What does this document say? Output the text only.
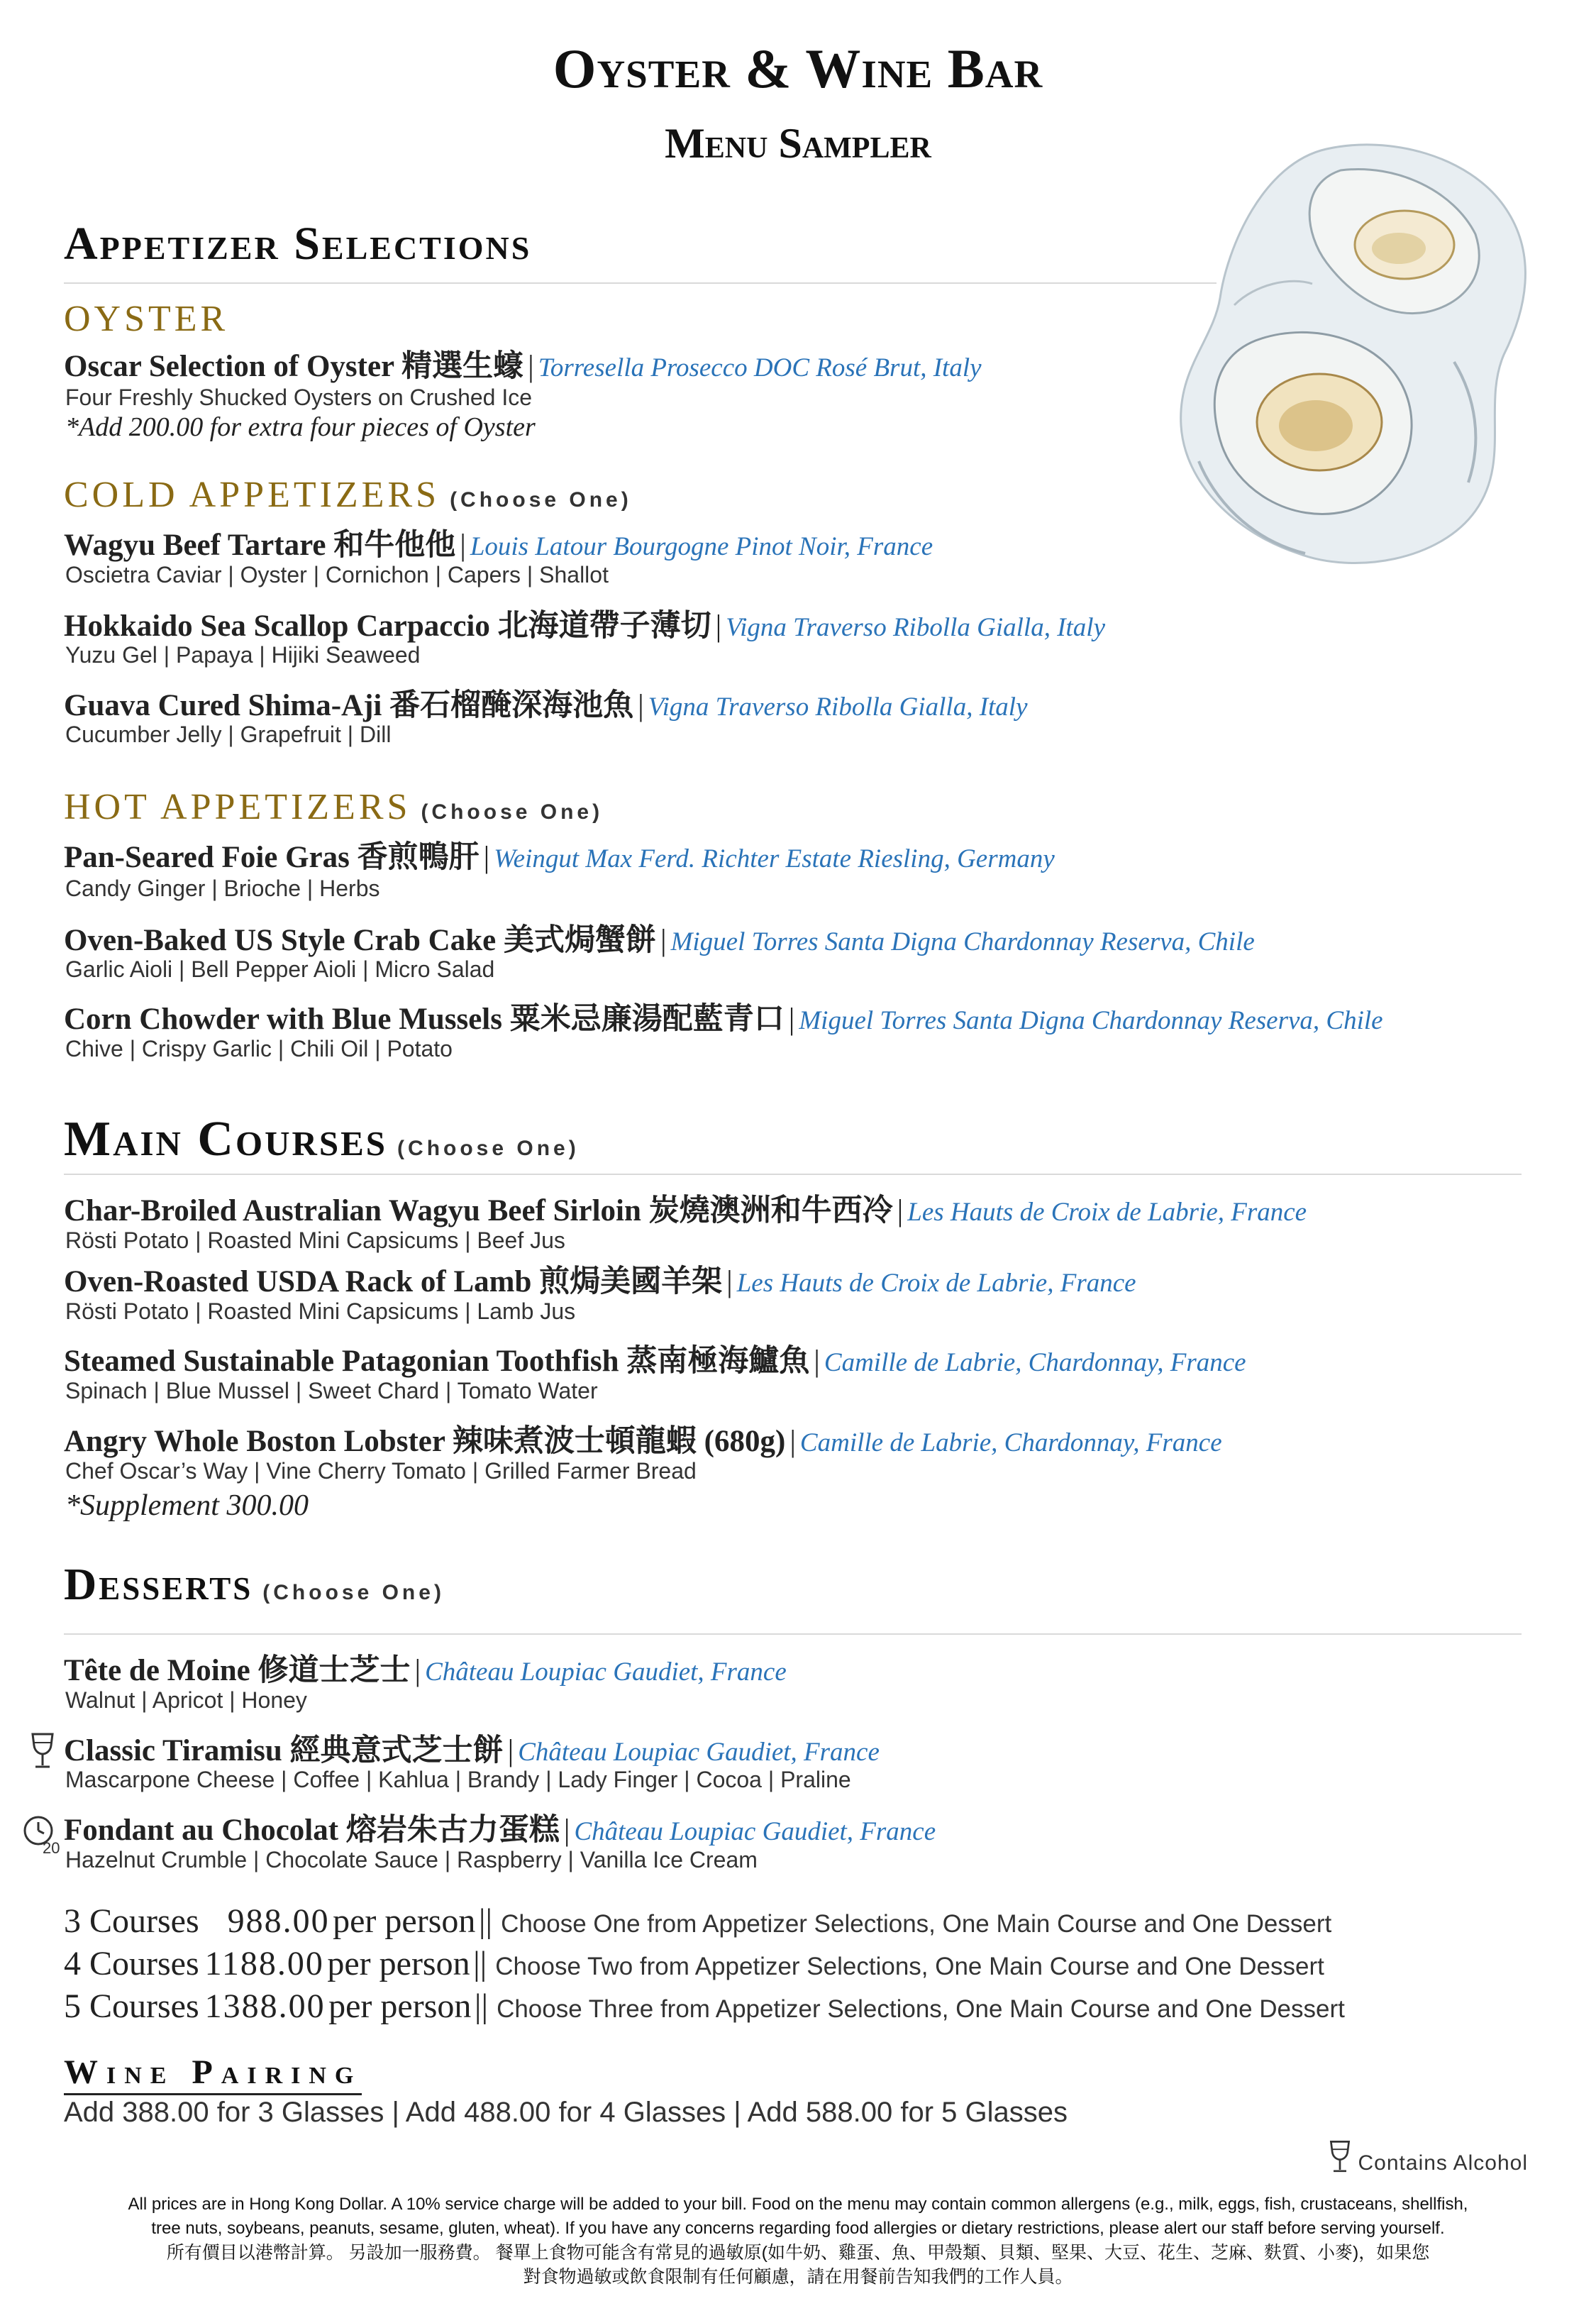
Oyster & Wine Bar
Menu Sampler
Appetizer Selections
OYSTER
Oscar Selection of Oyster 精選生蠔 | Torresella Prosecco DOC Rosé Brut, Italy
Four Freshly Shucked Oysters on Crushed Ice
*Add 200.00 for extra four pieces of Oyster
COLD APPETIZERS (Choose One)
Wagyu Beef Tartare 和牛他他 | Louis Latour Bourgogne Pinot Noir, France
Oscietra Caviar | Oyster | Cornichon | Capers | Shallot
Hokkaido Sea Scallop Carpaccio 北海道帶子薄切 | Vigna Traverso Ribolla Gialla, Italy
Yuzu Gel | Papaya | Hijiki Seaweed
Guava Cured Shima-Aji 番石榴醃深海池魚 | Vigna Traverso Ribolla Gialla, Italy
Cucumber Jelly | Grapefruit | Dill
HOT APPETIZERS (Choose One)
Pan-Seared Foie Gras 香煎鴨肝 | Weingut Max Ferd. Richter Estate Riesling, Germany
Candy Ginger | Brioche | Herbs
Oven-Baked US Style Crab Cake 美式焗蟹餅 | Miguel Torres Santa Digna Chardonnay Reserva, Chile
Garlic Aioli | Bell Pepper Aioli | Micro Salad
Corn Chowder with Blue Mussels 粟米忌廉湯配藍青口 | Miguel Torres Santa Digna Chardonnay Reserva, Chile
Chive | Crispy Garlic | Chili Oil | Potato
Main Courses (Choose One)
Char-Broiled Australian Wagyu Beef Sirloin 炭燒澳洲和牛西冷 | Les Hauts de Croix de Labrie, France
Rösti Potato | Roasted Mini Capsicums | Beef Jus
Oven-Roasted USDA Rack of Lamb 煎焗美國羊架 | Les Hauts de Croix de Labrie, France
Rösti Potato | Roasted Mini Capsicums | Lamb Jus
Steamed Sustainable Patagonian Toothfish 蒸南極海鱸魚 | Camille de Labrie, Chardonnay, France
Spinach | Blue Mussel | Sweet Chard | Tomato Water
Angry Whole Boston Lobster 辣味煮波士頓龍蝦 (680g) | Camille de Labrie, Chardonnay, France
Chef Oscar’s Way | Vine Cherry Tomato | Grilled Farmer Bread
*Supplement 300.00
Desserts (Choose One)
Tête de Moine 修道士芝士 | Château Loupiac Gaudiet, France
Walnut | Apricot | Honey
Classic Tiramisu 經典意式芝士餅 | Château Loupiac Gaudiet, France
Mascarpone Cheese | Coffee | Kahlua | Brandy | Lady Finger | Cocoa | Praline
20
Fondant au Chocolat 熔岩朱古力蛋糕 | Château Loupiac Gaudiet, France
Hazelnut Crumble | Chocolate Sauce | Raspberry | Vanilla Ice Cream
3 Courses 988.00 per person || Choose One from Appetizer Selections, One Main Course and One Dessert
4 Courses 1188.00 per person || Choose Two from Appetizer Selections, One Main Course and One Dessert
5 Courses 1388.00 per person || Choose Three from Appetizer Selections, One Main Course and One Dessert
Wine Pairing
Add 388.00 for 3 Glasses | Add 488.00 for 4 Glasses | Add 588.00 for 5 Glasses
Contains Alcohol
All prices are in Hong Kong Dollar. A 10% service charge will be added to your bill. Food on the menu may contain common allergens (e.g., milk, eggs, fish, crustaceans, shellfish,
tree nuts, soybeans, peanuts, sesame, gluten, wheat). If you have any concerns regarding food allergies or dietary restrictions, please alert our staff before serving yourself.
所有價目以港幣計算。 另設加一服務費。 餐單上食物可能含有常見的過敏原(如牛奶、雞蛋、魚、甲殼類、貝類、堅果、大豆、花生、芝麻、麩質、小麥)，如果您
對食物過敏或飲食限制有任何顧慮，請在用餐前告知我們的工作人員。
